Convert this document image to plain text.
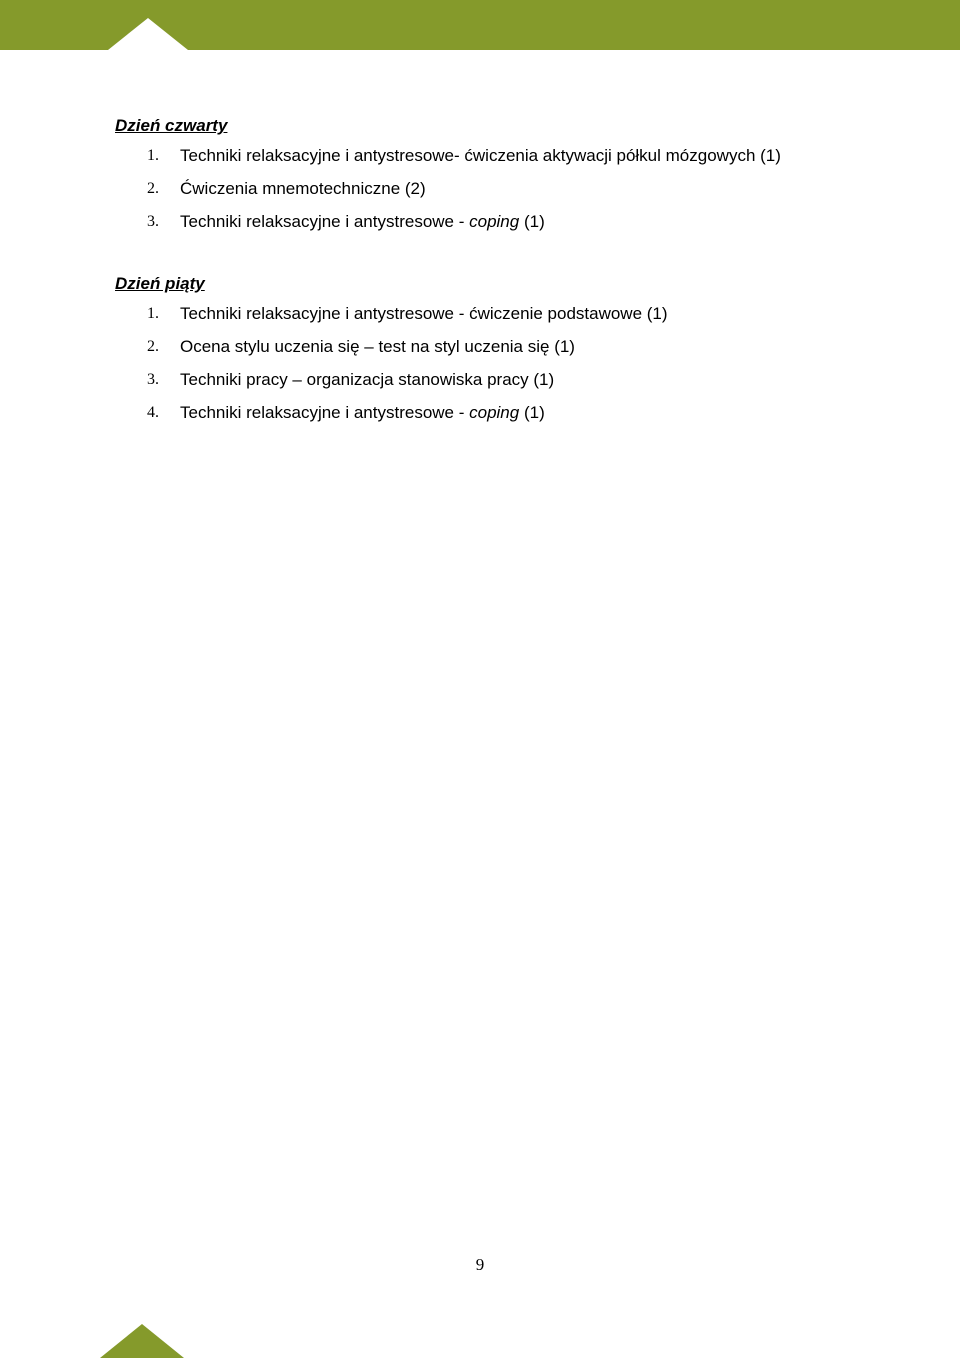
Dzień czwarty
1.	Techniki relaksacyjne i antystresowe- ćwiczenia aktywacji półkul mózgowych (1)
2.	Ćwiczenia mnemotechniczne (2)
3.	Techniki relaksacyjne i antystresowe - coping (1)
Dzień piąty
1.	Techniki relaksacyjne i antystresowe - ćwiczenie podstawowe (1)
2.	Ocena stylu uczenia się – test na styl uczenia się (1)
3.	Techniki pracy – organizacja stanowiska pracy (1)
4.	Techniki relaksacyjne i antystresowe - coping (1)
9
